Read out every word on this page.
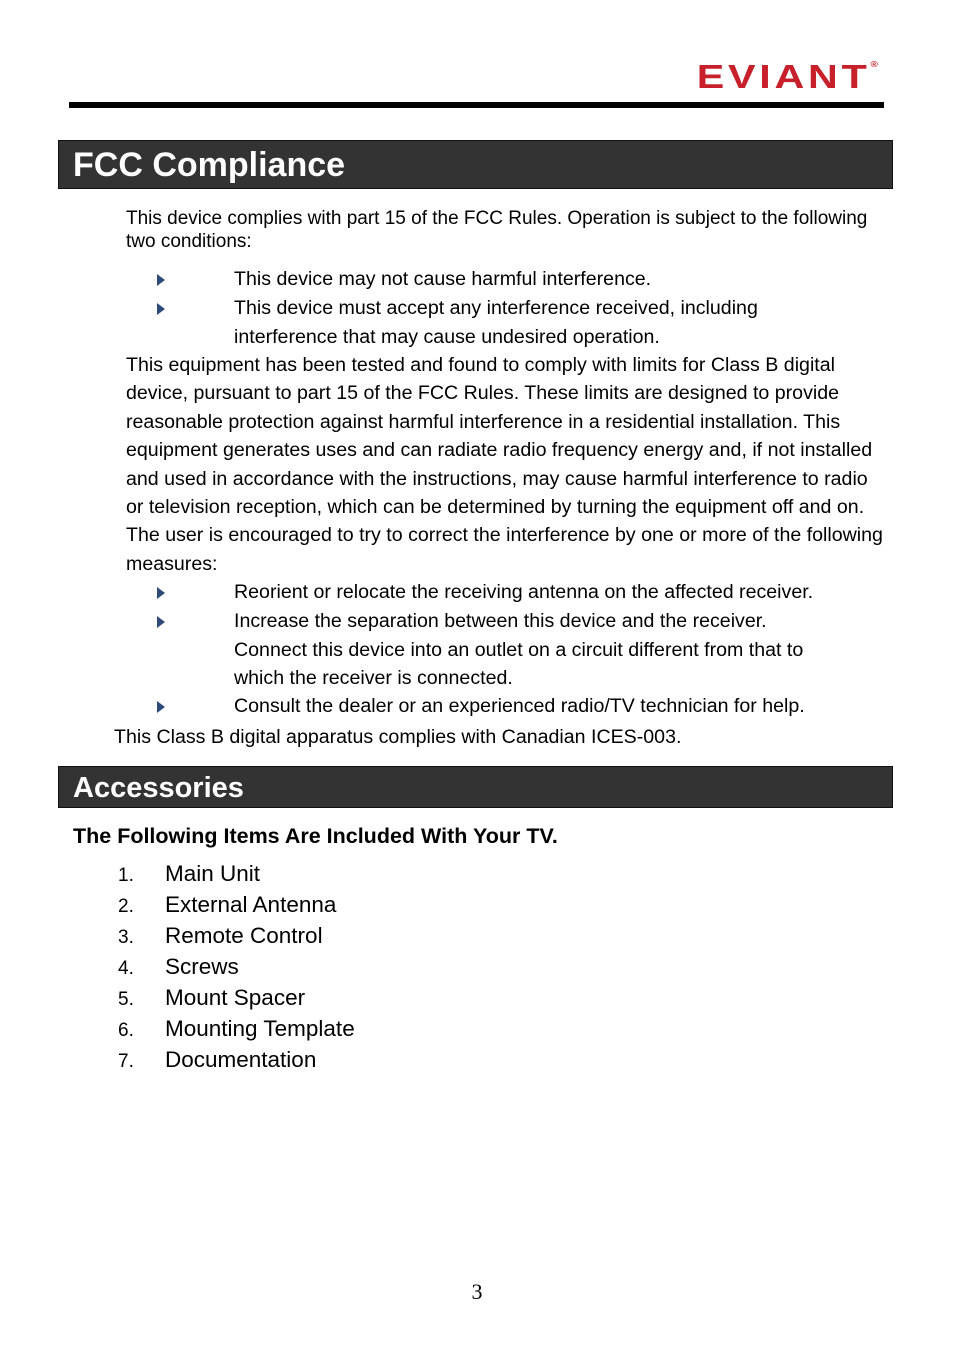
EVIANT®
FCC Compliance
This device complies with part 15 of the FCC Rules. Operation is subject to the following two conditions:
This device may not cause harmful interference.
This device must accept any interference received, including interference that may cause undesired operation.
This equipment has been tested and found to comply with limits for Class B digital device, pursuant to part 15 of the FCC Rules. These limits are designed to provide reasonable protection against harmful interference in a residential installation. This equipment generates uses and can radiate radio frequency energy and, if not installed and used in accordance with the instructions, may cause harmful interference to radio or television reception, which can be determined by turning the equipment off and on. The user is encouraged to try to correct the interference by one or more of the following measures:
Reorient or relocate the receiving antenna on the affected receiver.
Increase the separation between this device and the receiver. Connect this device into an outlet on a circuit different from that to which the receiver is connected.
Consult the dealer or an experienced radio/TV technician for help.
This Class B digital apparatus complies with Canadian ICES-003.
Accessories
The Following Items Are Included With Your TV.
1. Main Unit
2. External Antenna
3. Remote Control
4. Screws
5. Mount Spacer
6. Mounting Template
7. Documentation
3
